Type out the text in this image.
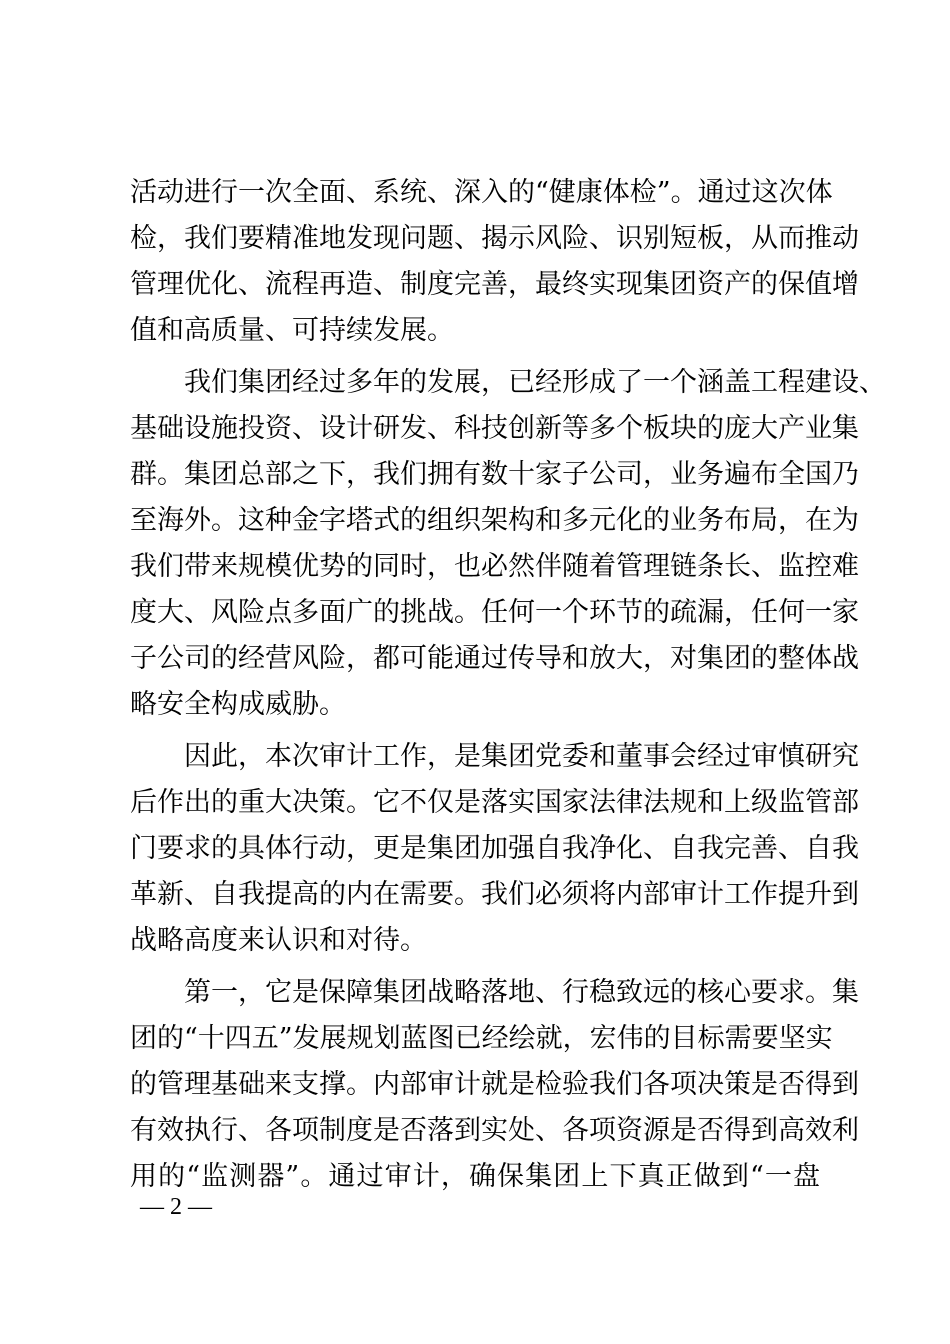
活动进行一次全面、系统、深入的“健康体检”。通过这次体
检，我们要精准地发现问题、揭示风险、识别短板，从而推动
管理优化、流程再造、制度完善，最终实现集团资产的保值增
值和高质量、可持续发展。
我们集团经过多年的发展，已经形成了一个涵盖工程建设、
基础设施投资、设计研发、科技创新等多个板块的庞大产业集
群。集团总部之下，我们拥有数十家子公司，业务遍布全国乃
至海外。这种金字塔式的组织架构和多元化的业务布局，在为
我们带来规模优势的同时，也必然伴随着管理链条长、监控难
度大、风险点多面广的挑战。任何一个环节的疏漏，任何一家
子公司的经营风险，都可能通过传导和放大，对集团的整体战
略安全构成威胁。
因此，本次审计工作，是集团党委和董事会经过审慎研究
后作出的重大决策。它不仅是落实国家法律法规和上级监管部
门要求的具体行动，更是集团加强自我净化、自我完善、自我
革新、自我提高的内在需要。我们必须将内部审计工作提升到
战略高度来认识和对待。
第一，它是保障集团战略落地、行稳致远的核心要求。集
团的“十四五”发展规划蓝图已经绘就，宏伟的目标需要坚实
的管理基础来支撑。内部审计就是检验我们各项决策是否得到
有效执行、各项制度是否落到实处、各项资源是否得到高效利
用的“监测器”。通过审计，确保集团上下真正做到“一盘
— 2 —
